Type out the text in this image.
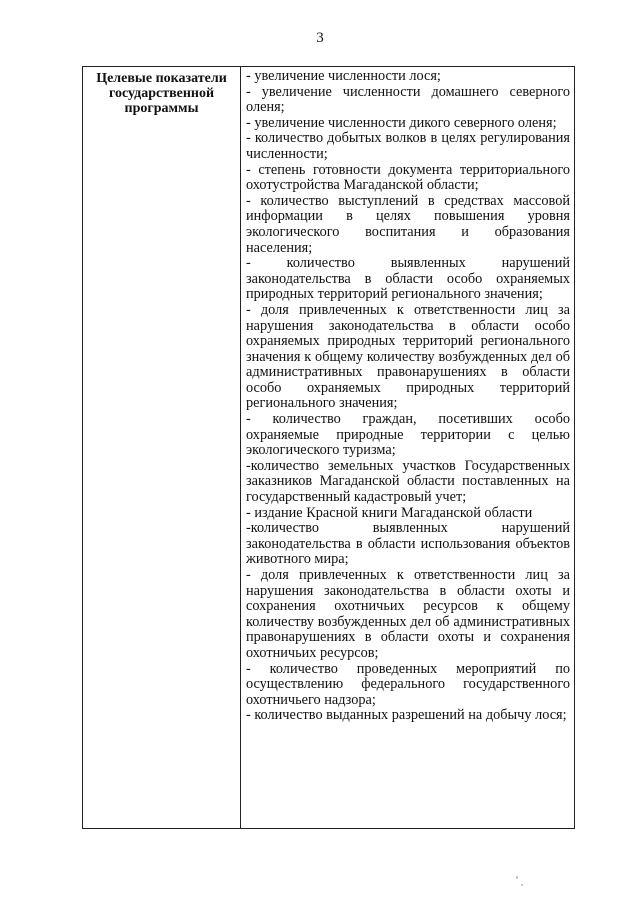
3
Целевые показатели государственной программы

- увеличение численности лося;

- увеличение численности домашнего северного оленя;

- увеличение численности дикого северного оленя;

- количество добытых волков в целях регулирования численности;

- степень готовности документа территориального охотустройства Магаданской области;

- количество выступлений в средствах массовой информации в целях повышения уровня экологического воспитания и образования населения;

- количество выявленных нарушений законодательства в области особо охраняемых природных территорий регионального значения;

- доля привлеченных к ответственности лиц за нарушения законодательства в области особо охраняемых природных территорий регионального значения к общему количеству возбужденных дел об административных правонарушениях в области особо охраняемых природных территорий регионального значения;

- количество граждан, посетивших особо охраняемые природные территории с целью экологического туризма;

-количество земельных участков Государственных заказников Магаданской области поставленных на государственный кадастровый учет;

- издание Красной книги Магаданской области

-количество выявленных нарушений законодательства в области использования объектов животного мира;

- доля привлеченных к ответственности лиц за нарушения законодательства в области охоты и сохранения охотничьих ресурсов к общему количеству возбужденных дел об административных правонарушениях в области охоты и сохранения охотничьих ресурсов;

- количество проведенных мероприятий по осуществлению федерального государственного охотничьего надзора;

- количество выданных разрешений на добычу лося;
